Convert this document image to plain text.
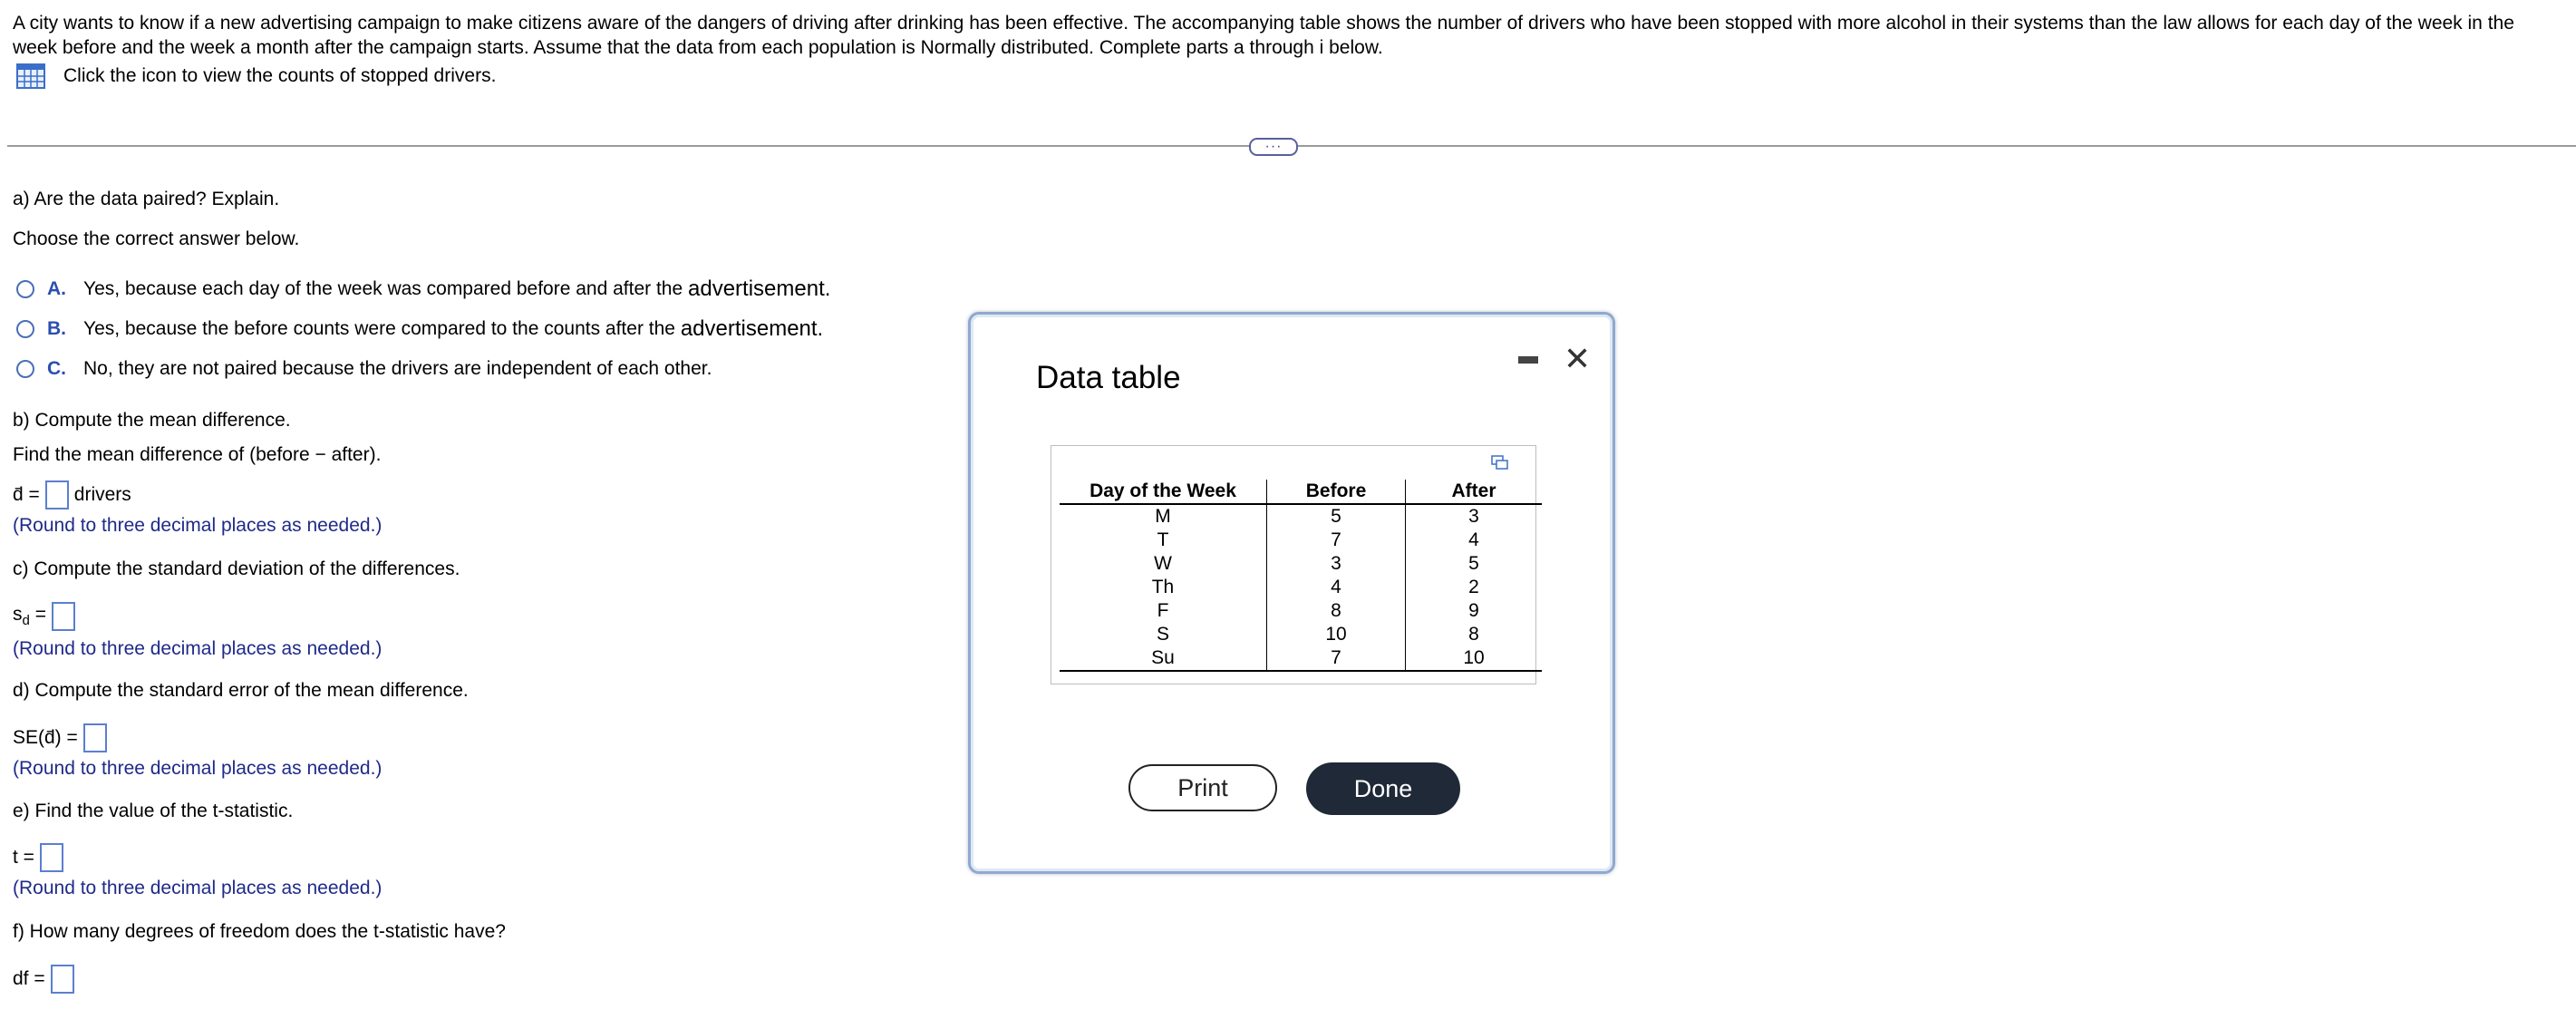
A city wants to know if a new advertising campaign to make citizens aware of the dangers of driving after drinking has been effective. The accompanying table shows the number of drivers who have been stopped with more alcohol in their systems than the law allows for each day of the week in the week before and the week a month after the campaign starts. Assume that the data from each population is Normally distributed. Complete parts a through i below.
Click the icon to view the counts of stopped drivers.
···
a) Are the data paired? Explain.
Choose the correct answer below.
A. Yes, because each day of the week was compared before and after the
advertisement.
B. Yes, because the before counts were compared to the counts after the
advertisement.
C. No, they are not paired because the drivers are independent of each other.
b) Compute the mean difference.
Find the mean difference of (before − after).
d̄ = drivers
(Round to three decimal places as needed.)
c) Compute the standard deviation of the differences.
$s_d$ =
(Round to three decimal places as needed.)
d) Compute the standard error of the mean difference.
SE(d̄) =
(Round to three decimal places as needed.)
e) Find the value of the t-statistic.
t =
(Round to three decimal places as needed.)
f) How many degrees of freedom does the t-statistic have?
df =
Data table
✕
Day of the Week	Before	After
M	5	3
T	7	4
W	3	5
Th	4	2
F	8	9
S	10	8
Su	7	10
Print	Done
